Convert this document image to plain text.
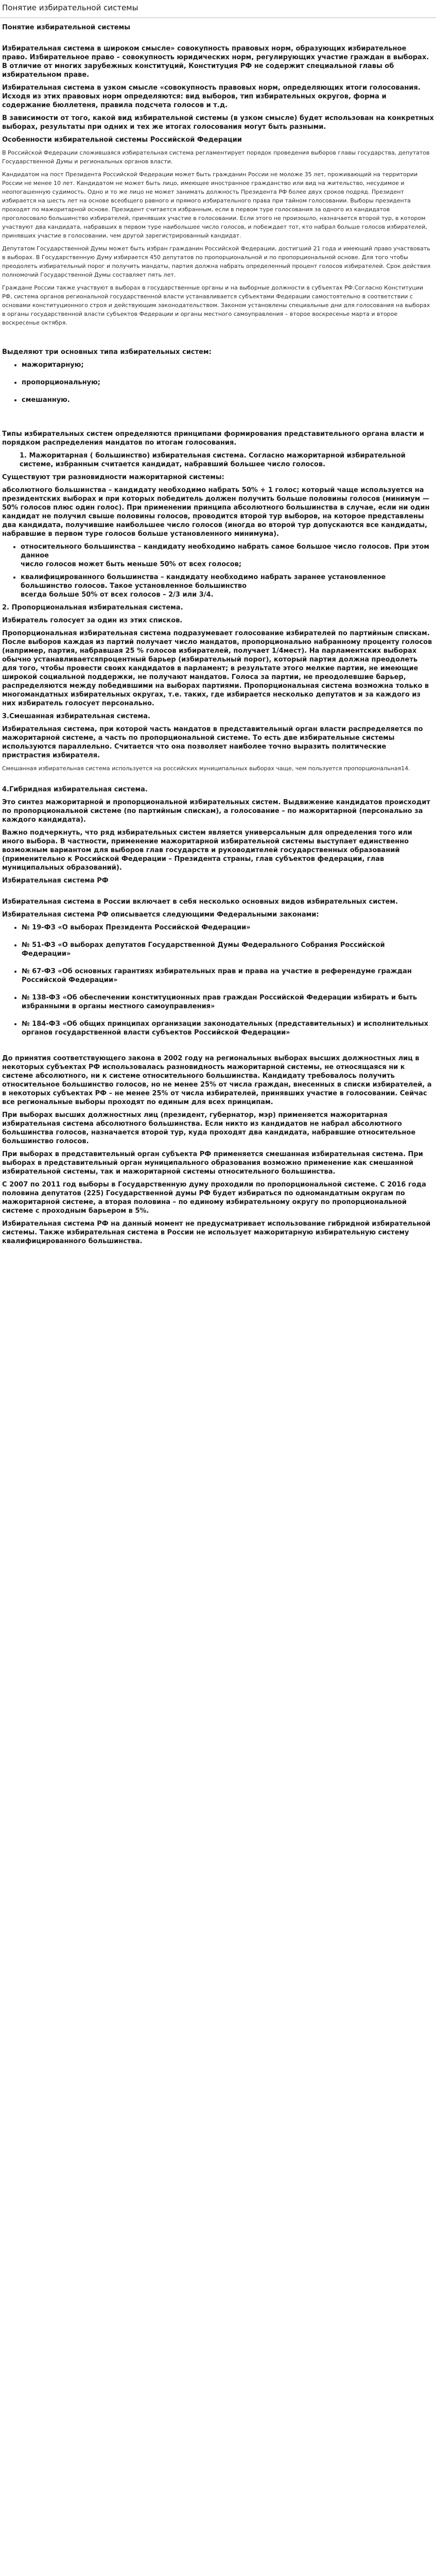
Понятие избирательной системы

Понятие избирательной системы

Избирательная система в широком смысле» совокупность правовых норм, образующих избирательное право. Избирательное право – совокупность юридических норм, регулирующих участие граждан в выборах. В отличие от многих зарубежных конституций, Конституция РФ не содержит специальной главы об избирательном праве.

Избирательная система в узком смысле «совокупность правовых норм, определяющих итоги голосования. Исходя из этих правовых норм определяются: вид выборов, тип избирательных округов, форма и содержание бюллетеня, правила подсчета голосов и т.д.

В зависимости от того, какой вид избирательной системы (в узком смысле) будет использован на конкретных выборах, результаты при одних и тех же итогах голосования могут быть разными.

Особенности избирательной системы Российской Федерации

В Российской Федерации сложившаяся избирательная система регламентирует порядок проведения выборов главы государства, депутатов Государственной Думы и региональных органов власти.

Кандидатом на пост Президента Российской Федерации может быть гражданин России не моложе 35 лет, проживающий на территории России не менее 10 лет. Кандидатом не может быть лицо, имеющее иностранное гражданство или вид на жительство, несудимое и неопогашенную судимость. Одно и то же лицо не может занимать должность Президента РФ более двух сроков подряд. Президент избирается на шесть лет на основе всеобщего равного и прямого избирательного права при тайном голосовании. Выборы президента проходят по мажоритарной основе. Президент считается избранным, если в первом туре голосования за одного из кандидатов проголосовало большинство избирателей, принявших участие в голосовании. Если этого не произошло, назначается второй тур, в котором участвуют два кандидата, набравших в первом туре наибольшее число голосов, и побеждает тот, кто набрал больше голосов избирателей, принявших участие в голосовании, чем другой зарегистрированный кандидат.

Депутатом Государственной Думы может быть избран гражданин Российской Федерации, достигший 21 года и имеющий право участвовать в выборах. В Государственную Думу избирается 450 депутатов по пропорциональной и по пропорциональной основе. Для того чтобы преодолеть избирательный порог и получить мандаты, партия должна набрать определенный процент голосов избирателей. Срок действия полномочий Государственной Думы составляет пять лет.

Граждане России также участвуют в выборах в государственные органы и на выборные должности в субъектах РФ.Согласно Конституции РФ, система органов региональной государственной власти устанавливается субъектами Федерации самостоятельно в соответствии с основами конституционного строя и действующим законодательством. Законом установлены специальные дни для голосования на выборах в органы государственной власти субъектов Федерации и органы местного самоуправления – второе воскресенье марта и второе воскресенье октября.

Выделяют три основных типа избирательных систем:

• мажоритарную;
• пропорциональную;
• смешанную.

Типы избирательных систем определяются принципами формирования представительного органа власти и порядком распределения мандатов по итогам голосования.

1. Мажоритарная ( большинство) избирательная система. Согласно мажоритарной избирательной системе, избранным считается кандидат, набравший большее число голосов.

Существуют три разновидности мажоритарной системы:

абсолютного большинства – кандидату необходимо набрать 50% + 1 голос; который чаще используется на президентских выборах и при которых победитель должен получить больше половины голосов (минимум — 50% голосов плюс один голос). При применении принципа абсолютного большинства в случае, если ни один кандидат не получил свыше половины голосов, проводится второй тур выборов, на которое представлены два кандидата, получившие наибольшее число голосов (иногда во второй тур допускаются все кандидаты, набравшие в первом туре голосов больше установленного минимума).

• относительного большинства – кандидату необходимо набрать самое большое число голосов. При этом данное
число голосов может быть меньше 50% от всех голосов;
• квалифицированного большинства – кандидату необходимо набрать заранее установленное большинство голосов. Такое установленное большинство
всегда больше 50% от всех голосов – 2/3 или 3/4.

2. Пропорциональная избирательная система.

Избиратель голосует за один из этих списков.

Пропорциональная избирательная система подразумевает голосование избирателей по партийным спискам. После выборов каждая из партий получает число мандатов, пропорционально набранному проценту голосов (например, партия, набравшая 25 % голосов избирателей, получает 1/4мест). На парламентских выборах обычно устанавливаетсяпроцентный барьер (избирательный порог), который партия должна преодолеть для того, чтобы провести своих кандидатов в парламент; в результате этого мелкие партии, не имеющие широкой социальной поддержки, не получают мандатов. Голоса за партии, не преодолевшие барьер, распределяются между победившими на выборах партиями. Пропорциональная система возможна только в многомандатных избирательных округах, т.е. таких, где избирается несколько депутатов и за каждого из них избиратель голосует персонально.

3.Смешанная избирательная система.

Избирательная система, при которой часть мандатов в представительный орган власти распределяется по мажоритарной системе, а часть по пропорциональной системе. То есть две избирательные системы используются параллельно. Считается что она позволяет наиболее точно выразить политические пристрастия избирателя.

Смешанная избирательная система используется на российских муниципальных выборах чаще, чем пользуется пропорциональная14.

4.Гибридная избирательная система.

Это синтез мажоритарной и пропорциональной избирательных систем. Выдвижение кандидатов происходит по пропорциональной системе (по партийным спискам), а голосование – по мажоритарной (персонально за каждого кандидата).

Важно подчеркнуть, что ряд избирательных систем является универсальным для определения того или иного выбора. В частности, применение мажоритарной избирательной системы выступает единственно возможным вариантом для выборов глав государств и руководителей государственных образований (применительно к Российской Федерации – Президента страны, глав субъектов федерации, глав муниципальных образований).

Избирательная система РФ

Избирательная система в России включает в себя несколько основных видов избирательных систем.

Избирательная система РФ описывается следующими Федеральными законами:

• № 19-ФЗ «О выборах Президента Российской Федерации»
• № 51-ФЗ «О выборах депутатов Государственной Думы Федерального Собрания Российской Федерации»
• № 67-ФЗ «Об основных гарантиях избирательных прав и права на участие в референдуме граждан Российской Федерации»
• № 138-ФЗ «Об обеспечении конституционных прав граждан Российской Федерации избирать и быть избранными в органы местного самоуправления»
• № 184-ФЗ «Об общих принципах организации законодательных (представительных) и исполнительных органов государственной власти субъектов Российской Федерации»

До принятия соответствующего закона в 2002 году на региональных выборах высших должностных лиц в некоторых субъектах РФ использовалась разновидность мажоритарной системы, не относящаяся ни к системе абсолютного, ни к системе относительного большинства. Кандидату требовалось получить относительное большинство голосов, но не менее 25% от числа граждан, внесенных в списки избирателей, а в некоторых субъектах РФ – не менее 25% от числа избирателей, принявших участие в голосовании. Сейчас все региональные выборы проходят по единым для всех принципам.

При выборах высших должностных лиц (президент, губернатор, мэр) применяется мажоритарная избирательная система абсолютного большинства. Если никто из кандидатов не набрал абсолютного большинства голосов, назначается второй тур, куда проходят два кандидата, набравшие относительное большинство голосов.

При выборах в представительный орган субъекта РФ применяется смешанная избирательная система. При выборах в представительный орган муниципального образования возможно применение как смешанной избирательной системы, так и мажоритарной системы относительного большинства.

С 2007 по 2011 год выборы в Государственную думу проходили по пропорциональной системе. С 2016 года половина депутатов (225) Государственной думы РФ будет избираться по одномандатным округам по мажоритарной системе, а вторая половина – по единому избирательному округу по пропорциональной системе с проходным барьером в 5%.

Избирательная система РФ на данный момент не предусматривает использование гибридной избирательной системы. Также избирательная система в России не использует мажоритарную избирательную систему квалифицированного большинства.
